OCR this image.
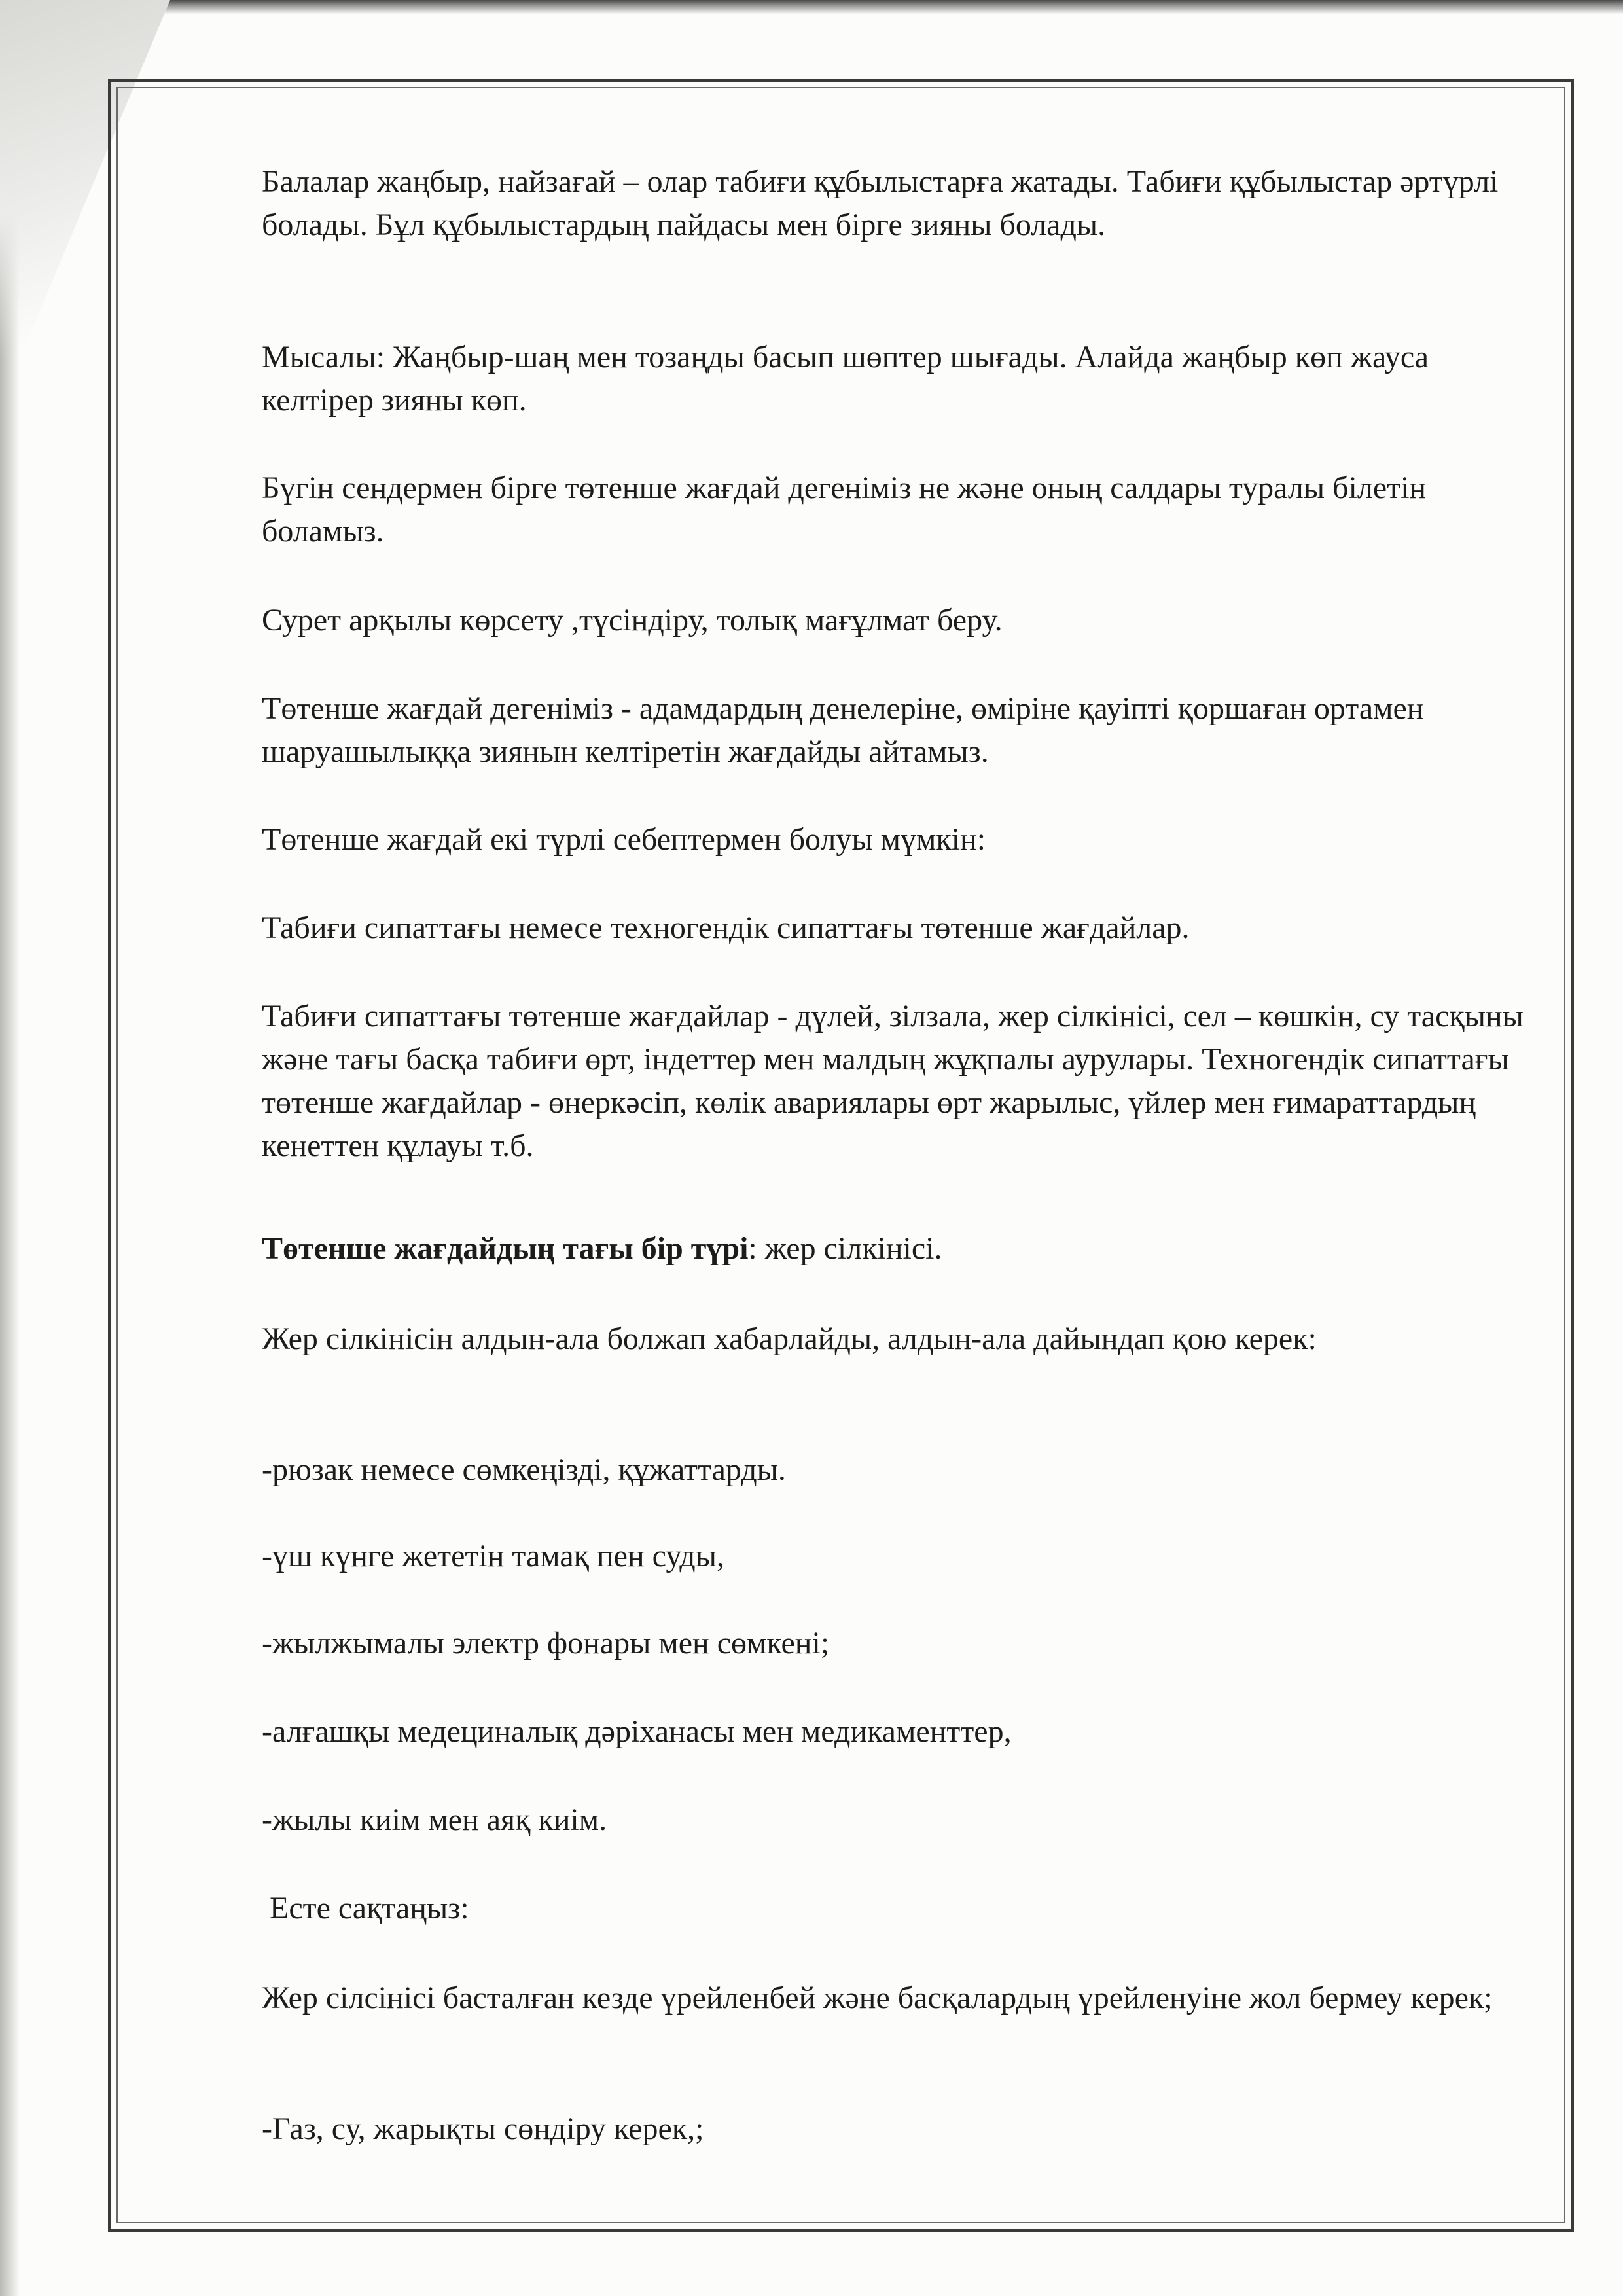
Балалар жаңбыр, найзағай – олар табиғи құбылыстарға жатады. Табиғи құбылыстар әртүрлі болады. Бұл құбылыстардың пайдасы мен бірге зияны болады.

Мысалы: Жаңбыр-шаң мен тозаңды басып шөптер шығады. Алайда жаңбыр көп жауса келтірер зияны көп.

Бүгін сендермен бірге төтенше жағдай дегеніміз не және оның салдары туралы білетін боламыз.

Сурет арқылы көрсету ,түсіндіру, толық мағұлмат беру.

Төтенше жағдай дегеніміз - адамдардың денелеріне, өміріне қауіпті қоршаған ортамен шаруашылыққа зиянын келтіретін жағдайды айтамыз.

Төтенше жағдай екі түрлі себептермен болуы мүмкін:

Табиғи сипаттағы немесе техногендік сипаттағы төтенше жағдайлар.

Табиғи сипаттағы төтенше жағдайлар - дүлей, зілзала, жер сілкінісі, сел – көшкін, су тасқыны және тағы басқа табиғи өрт, індеттер мен малдың жұқпалы аурулары. Техногендік сипаттағы төтенше жағдайлар - өнеркәсіп, көлік авариялары өрт жарылыс, үйлер мен ғимараттардың кенеттен құлауы т.б.

Төтенше жағдайдың тағы бір түрі: жер сілкінісі.

Жер сілкінісін алдын-ала болжап хабарлайды, алдын-ала дайындап қою керек:

-рюзак немесе сөмкеңізді, құжаттарды.

-үш күнге жететін тамақ пен суды,

-жылжымалы электр фонары мен сөмкені;

-алғашқы медециналық дәріханасы мен медикаменттер,

-жылы киім мен аяқ киім.

Есте сақтаңыз:

Жер сілсінісі басталған кезде үрейленбей және басқалардың үрейленуіне жол бермеу керек;

-Газ, су, жарықты сөндіру керек,;
